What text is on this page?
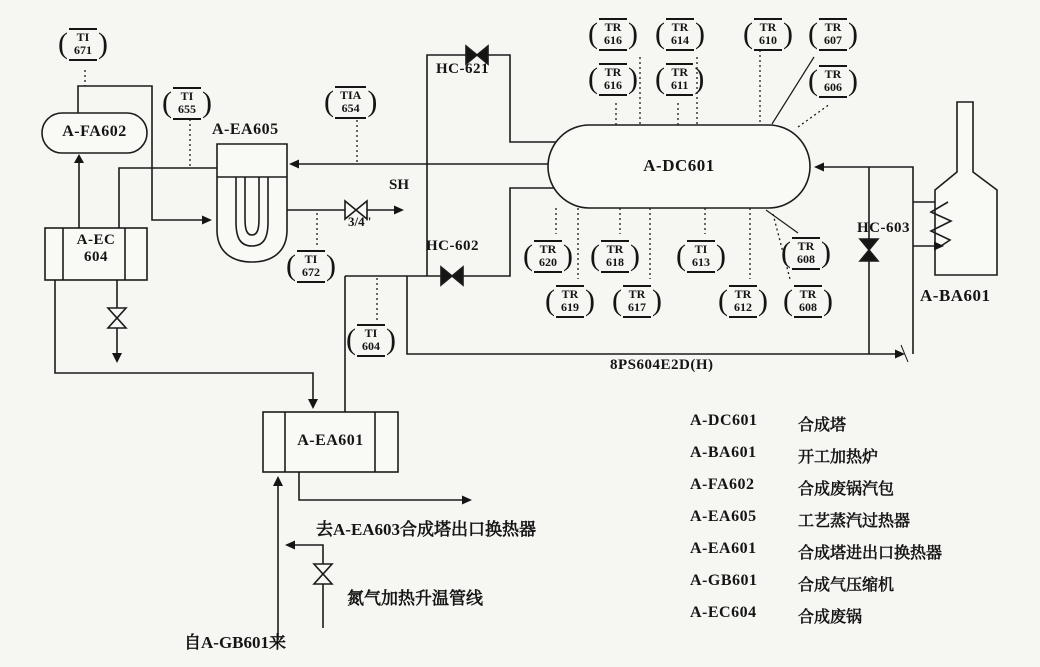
( TI
671
)
( TI
655
)
( TIA
654
)
( TR
616
)
( TR
614
)
( TR
610
)
( TR
607
)
( TR
616
)
( TR
611
)
( TR
606
)
( TR
620
)
( TR
618
)
( TI
613
)
( TR
608
)
( TR
619
)
( TR
617
)
( TR
612
)
( TR
608
)
( TI
672
)
( TI
604
)
A-FA602
A-EC
604
A-EA605
A-DC601
A-EA601
A-BA601
HC-621
HC-602
HC-603
3/4"
SH
8PS604E2D(H)
去A-EA603合成塔出口换热器
氮气加热升温管线
自A-GB601来
A-DC601	合成塔
A-BA601	开工加热炉
A-FA602	合成废锅汽包
A-EA605	工艺蒸汽过热器
A-EA601	合成塔进出口换热器
A-GB601	合成气压缩机
A-EC604	合成废锅
